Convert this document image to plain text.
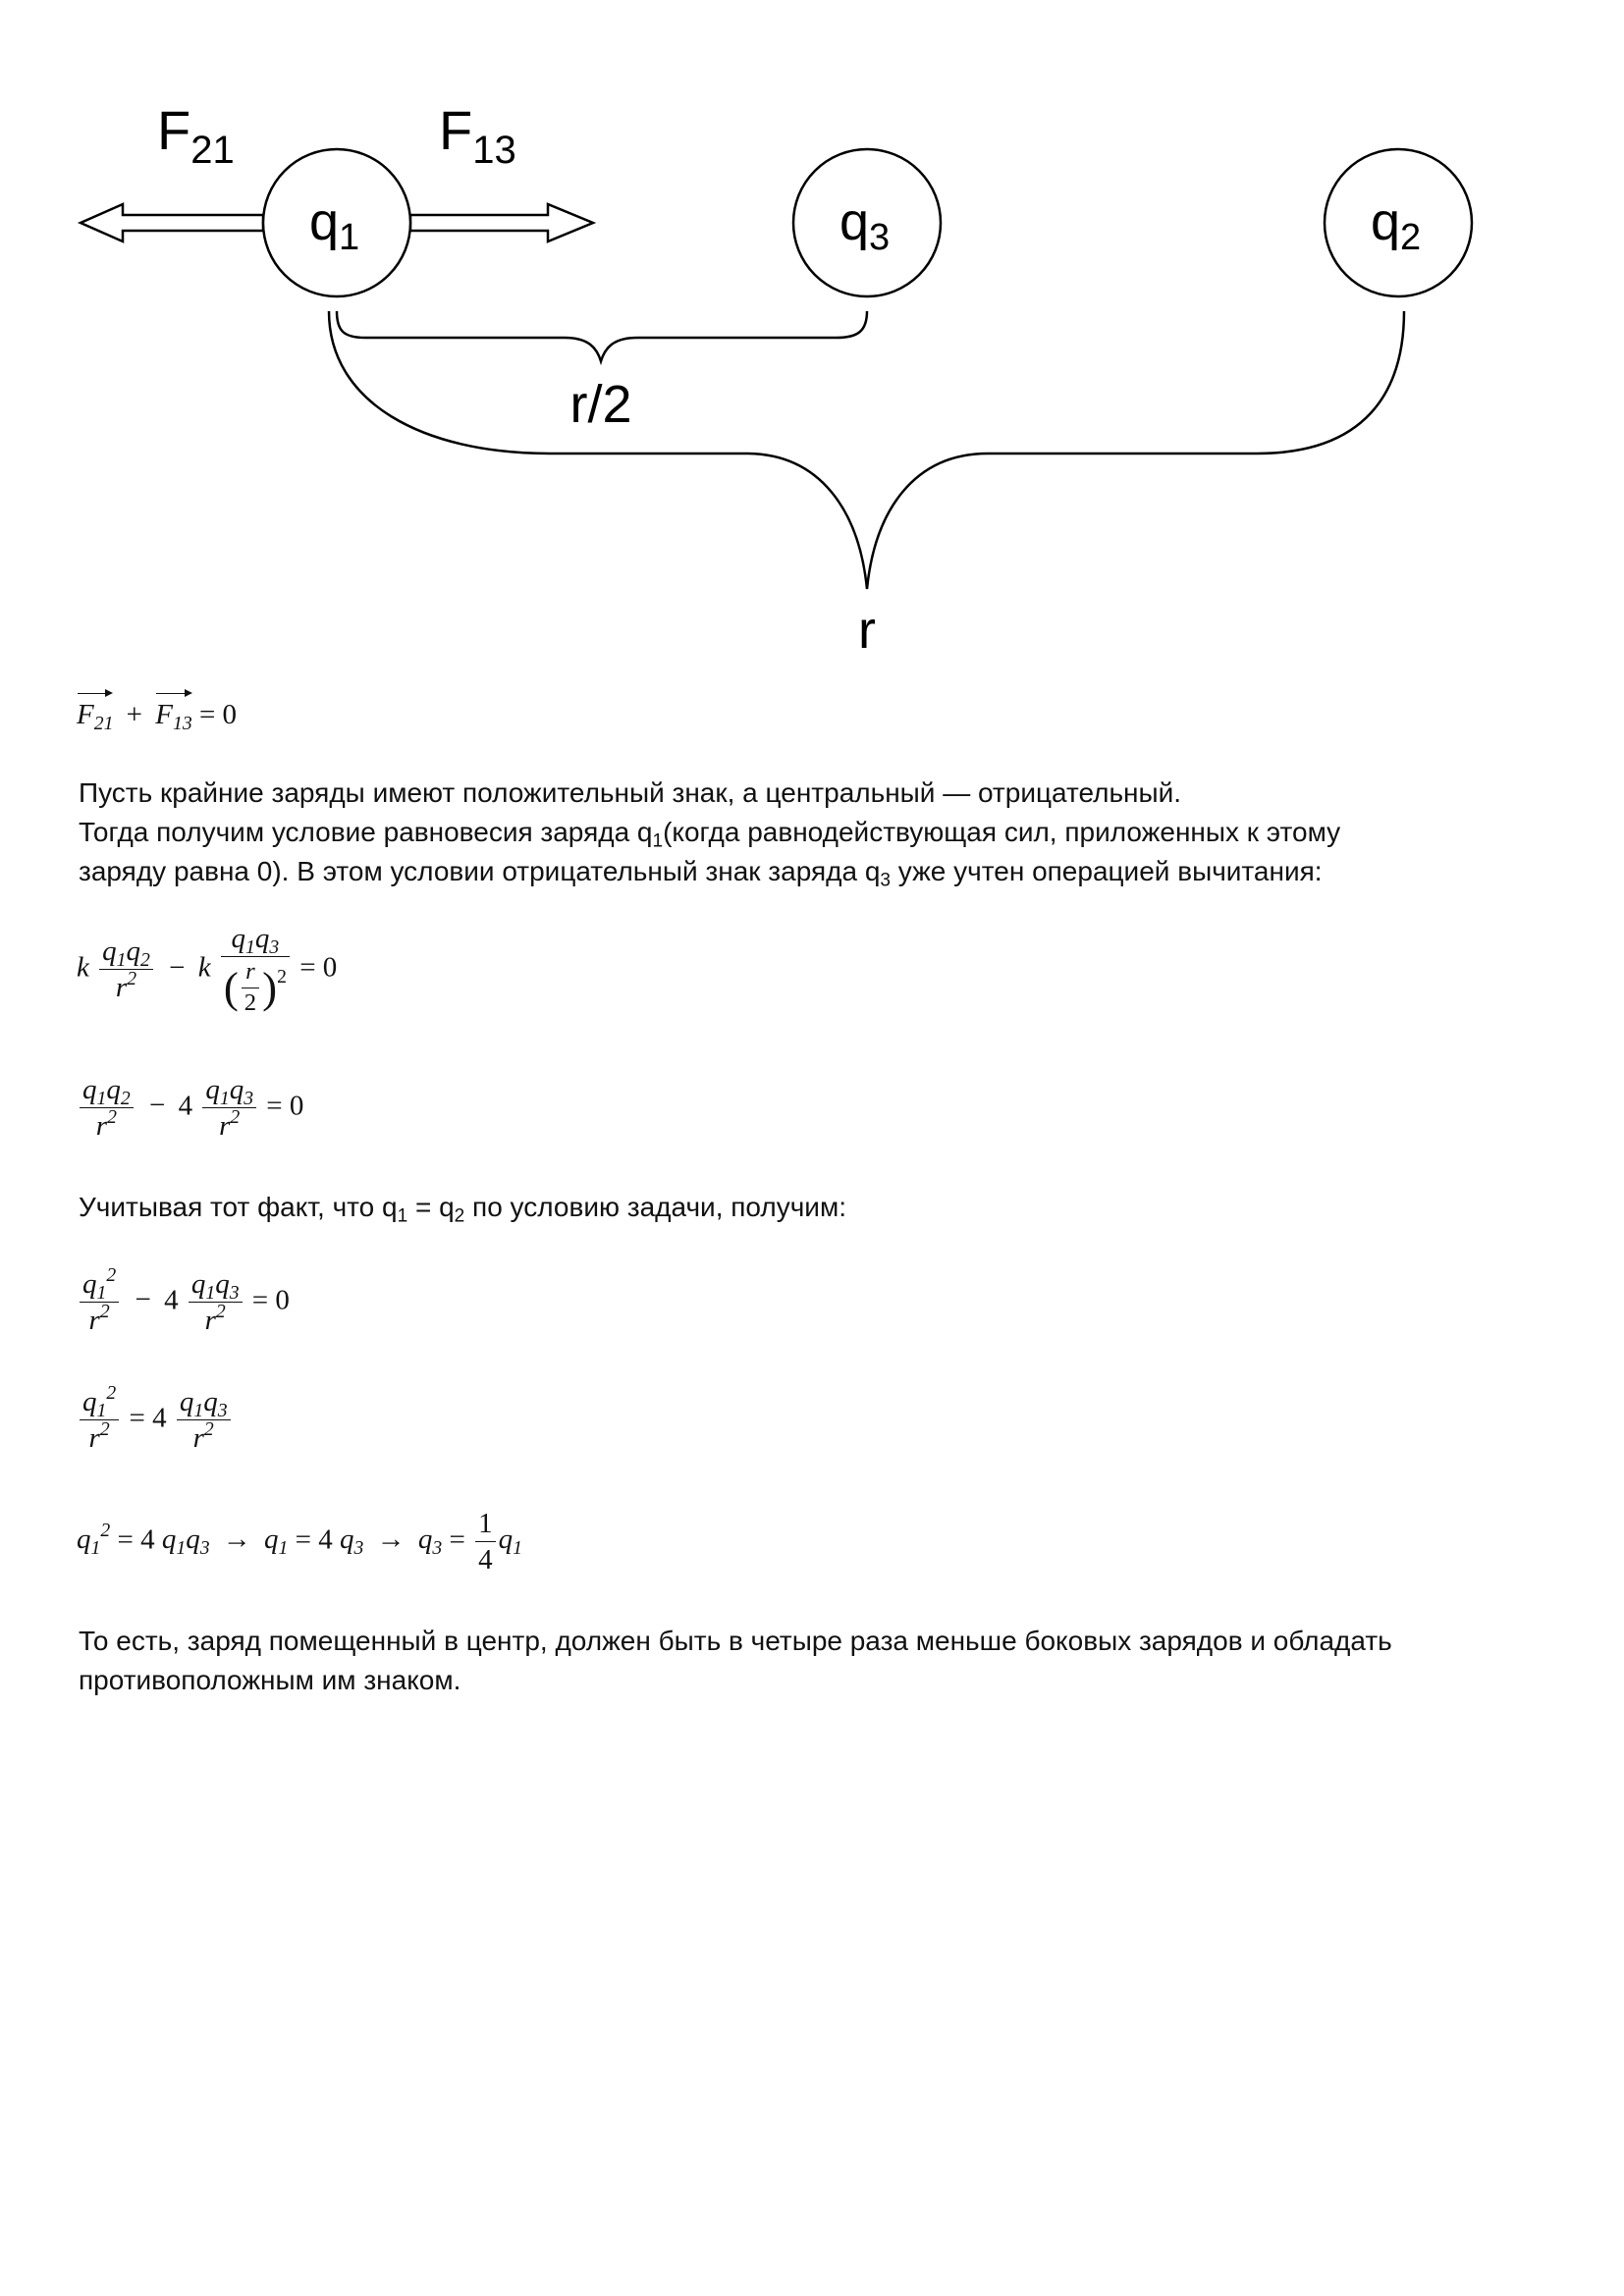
$F_{21}$	$F_{13}$
q1	q3	q2
r/2
r
$F_{21} + F_{13} = 0$
Пусть крайние заряды имеют положительный знак, а центральный — отрицательный.
Тогда получим условие равновесия заряда $q_1(когда$ равнодействующая сил, приложенных к этому
заряду равна 0). В этом условии отрицательный знак заряда $q_3$ уже учтен операцией вычитания:
k $\frac{q_1q_2}{r^2} - k \frac{q_1q_3}{( \frac{r}{2} )^2} = 0$
$\frac{q_1q_2}{r^2} - 4 \frac{q_1q_3}{r^2} = 0$
Учитывая тот факт, что $q_1 = q_2$ по условию задачи, получим:
$\frac{q_1^2}{r^2} - 4 \frac{q_1q_3}{r^2} = 0$
$\frac{q_1^2}{r^2} = 4 \frac{q_1q_3}{r^2}$
$q_1^2 = 4$ $q_1q_3 \to q_1 = 4$ $q_3 \to q_3 = \frac{1}{4} q_1$
То есть, заряд помещенный в центр, должен быть в четыре раза меньше боковых зарядов и обладать
противоположным им знаком.
